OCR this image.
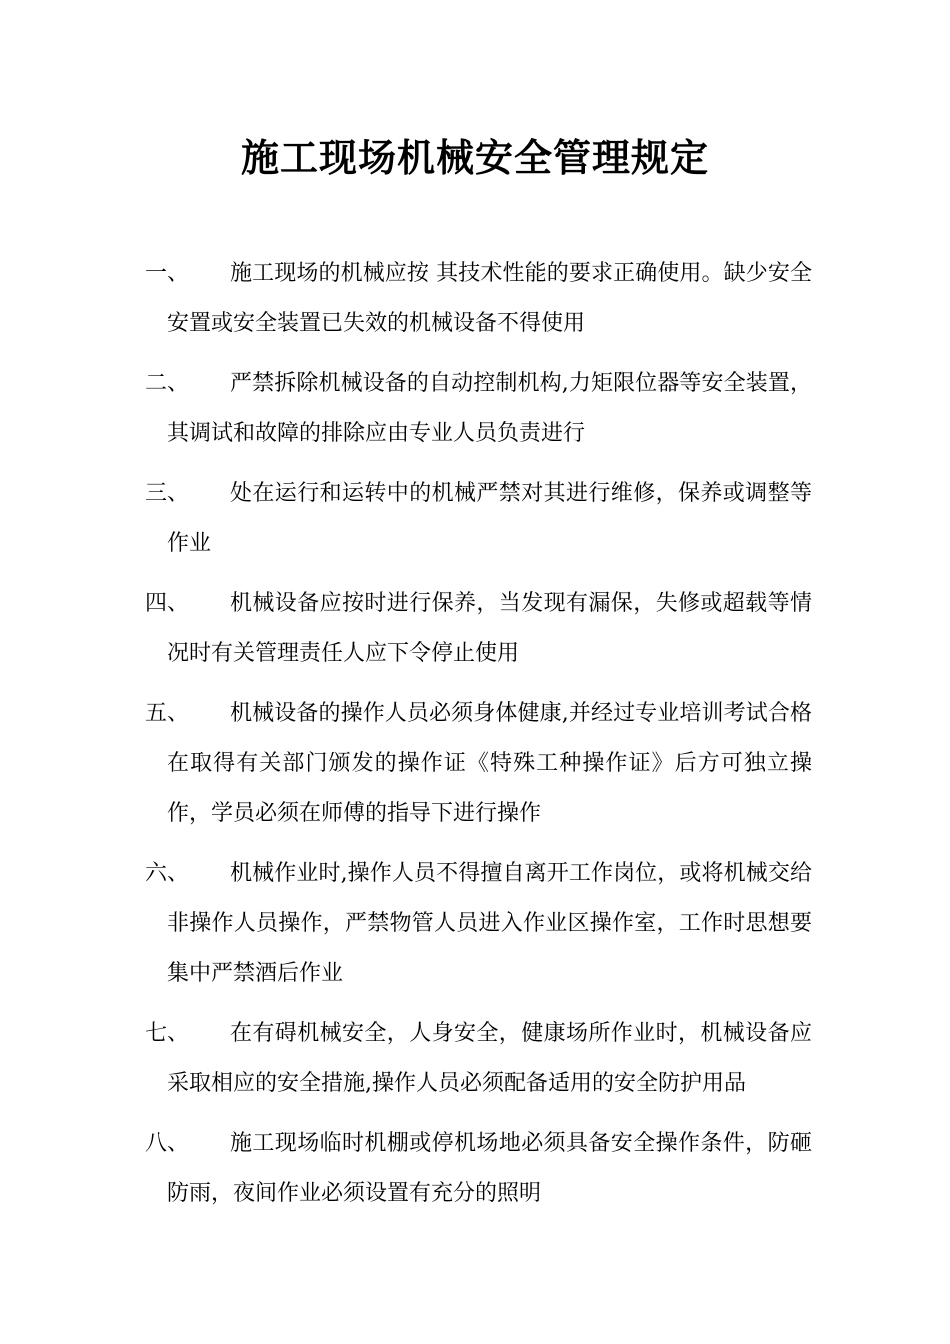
施工现场机械安全管理规定
一、	施工现场的机械应按 其技术性能的要求正确使用。缺少安全安置或安全装置已失效的机械设备不得使用
二、	严禁拆除机械设备的自动控制机构,力矩限位器等安全装置，其调试和故障的排除应由专业人员负责进行
三、	处在运行和运转中的机械严禁对其进行维修，保养或调整等作业
四、	机械设备应按时进行保养，当发现有漏保，失修或超载等情况时有关管理责任人应下令停止使用
五、	机械设备的操作人员必须身体健康,并经过专业培训考试合格在取得有关部门颁发的操作证《特殊工种操作证》后方可独立操作，学员必须在师傅的指导下进行操作
六、	机械作业时,操作人员不得擅自离开工作岗位，或将机械交给非操作人员操作，严禁物管人员进入作业区操作室，工作时思想要集中严禁酒后作业
七、	在有碍机械安全，人身安全，健康场所作业时，机械设备应采取相应的安全措施,操作人员必须配备适用的安全防护用品
八、	施工现场临时机棚或停机场地必须具备安全操作条件，防砸防雨，夜间作业必须设置有充分的照明
